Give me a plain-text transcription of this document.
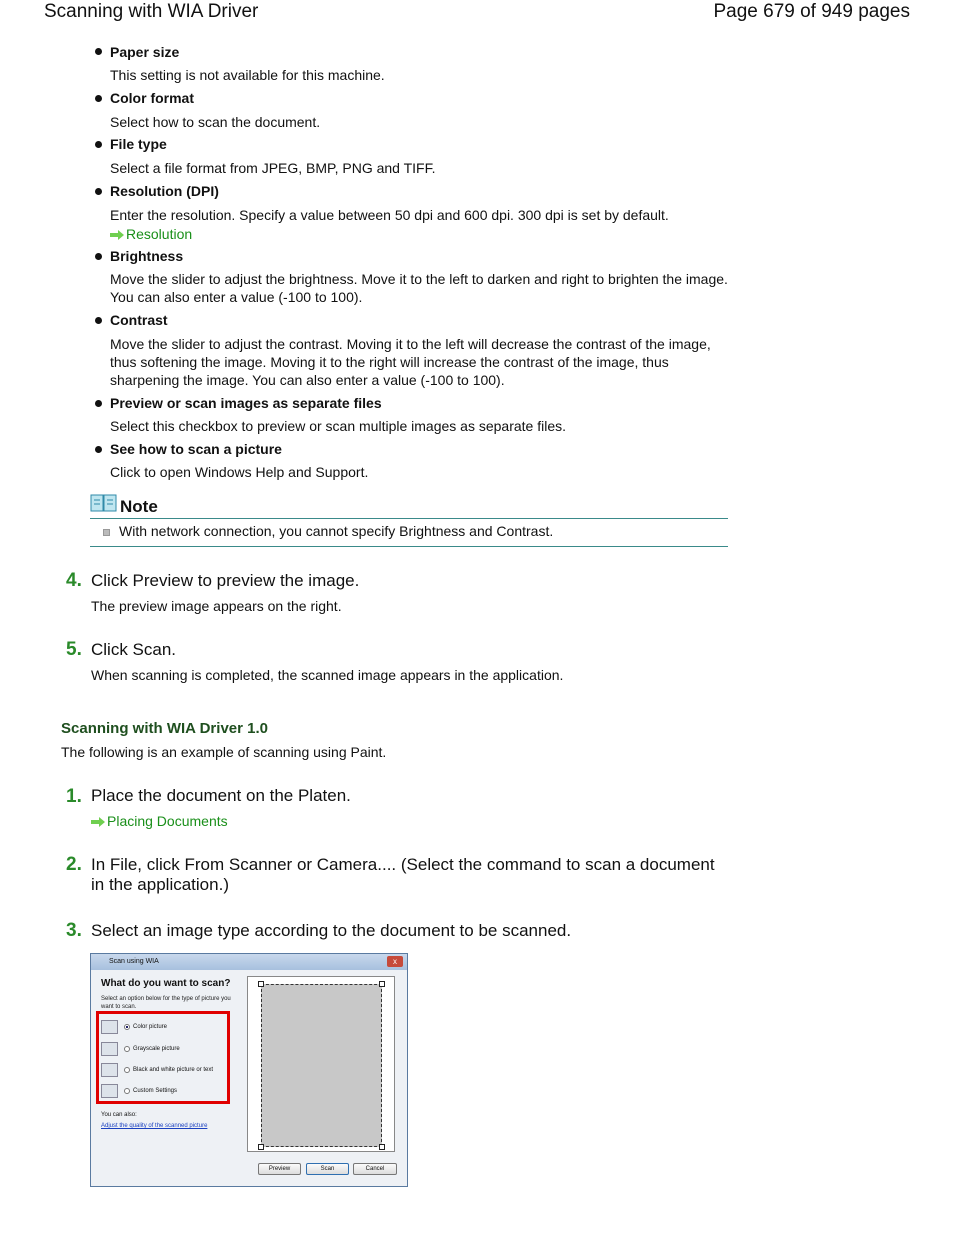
Scanning with WIA Driver	Page 679 of 949 pages
Paper size
This setting is not available for this machine.
Color format
Select how to scan the document.
File type
Select a file format from JPEG, BMP, PNG and TIFF.
Resolution (DPI)
Enter the resolution. Specify a value between 50 dpi and 600 dpi. 300 dpi is set by default.
Resolution
Brightness
Move the slider to adjust the brightness. Move it to the left to darken and right to brighten the image. You can also enter a value (-100 to 100).
Contrast
Move the slider to adjust the contrast. Moving it to the left will decrease the contrast of the image, thus softening the image. Moving it to the right will increase the contrast of the image, thus sharpening the image. You can also enter a value (-100 to 100).
Preview or scan images as separate files
Select this checkbox to preview or scan multiple images as separate files.
See how to scan a picture
Click to open Windows Help and Support.
Note
With network connection, you cannot specify Brightness and Contrast.
4. Click Preview to preview the image.
The preview image appears on the right.
5. Click Scan.
When scanning is completed, the scanned image appears in the application.
Scanning with WIA Driver 1.0
The following is an example of scanning using Paint.
1. Place the document on the Platen.
Placing Documents
2. In File, click From Scanner or Camera.... (Select the command to scan a document in the application.)
3. Select an image type according to the document to be scanned.
Scan using WIA	x
What do you want to scan?
Select an option below for the type of picture you want to scan.
Color picture
Grayscale picture
Black and white picture or text
Custom Settings
You can also:
Adjust the quality of the scanned picture
Preview	Scan	Cancel
